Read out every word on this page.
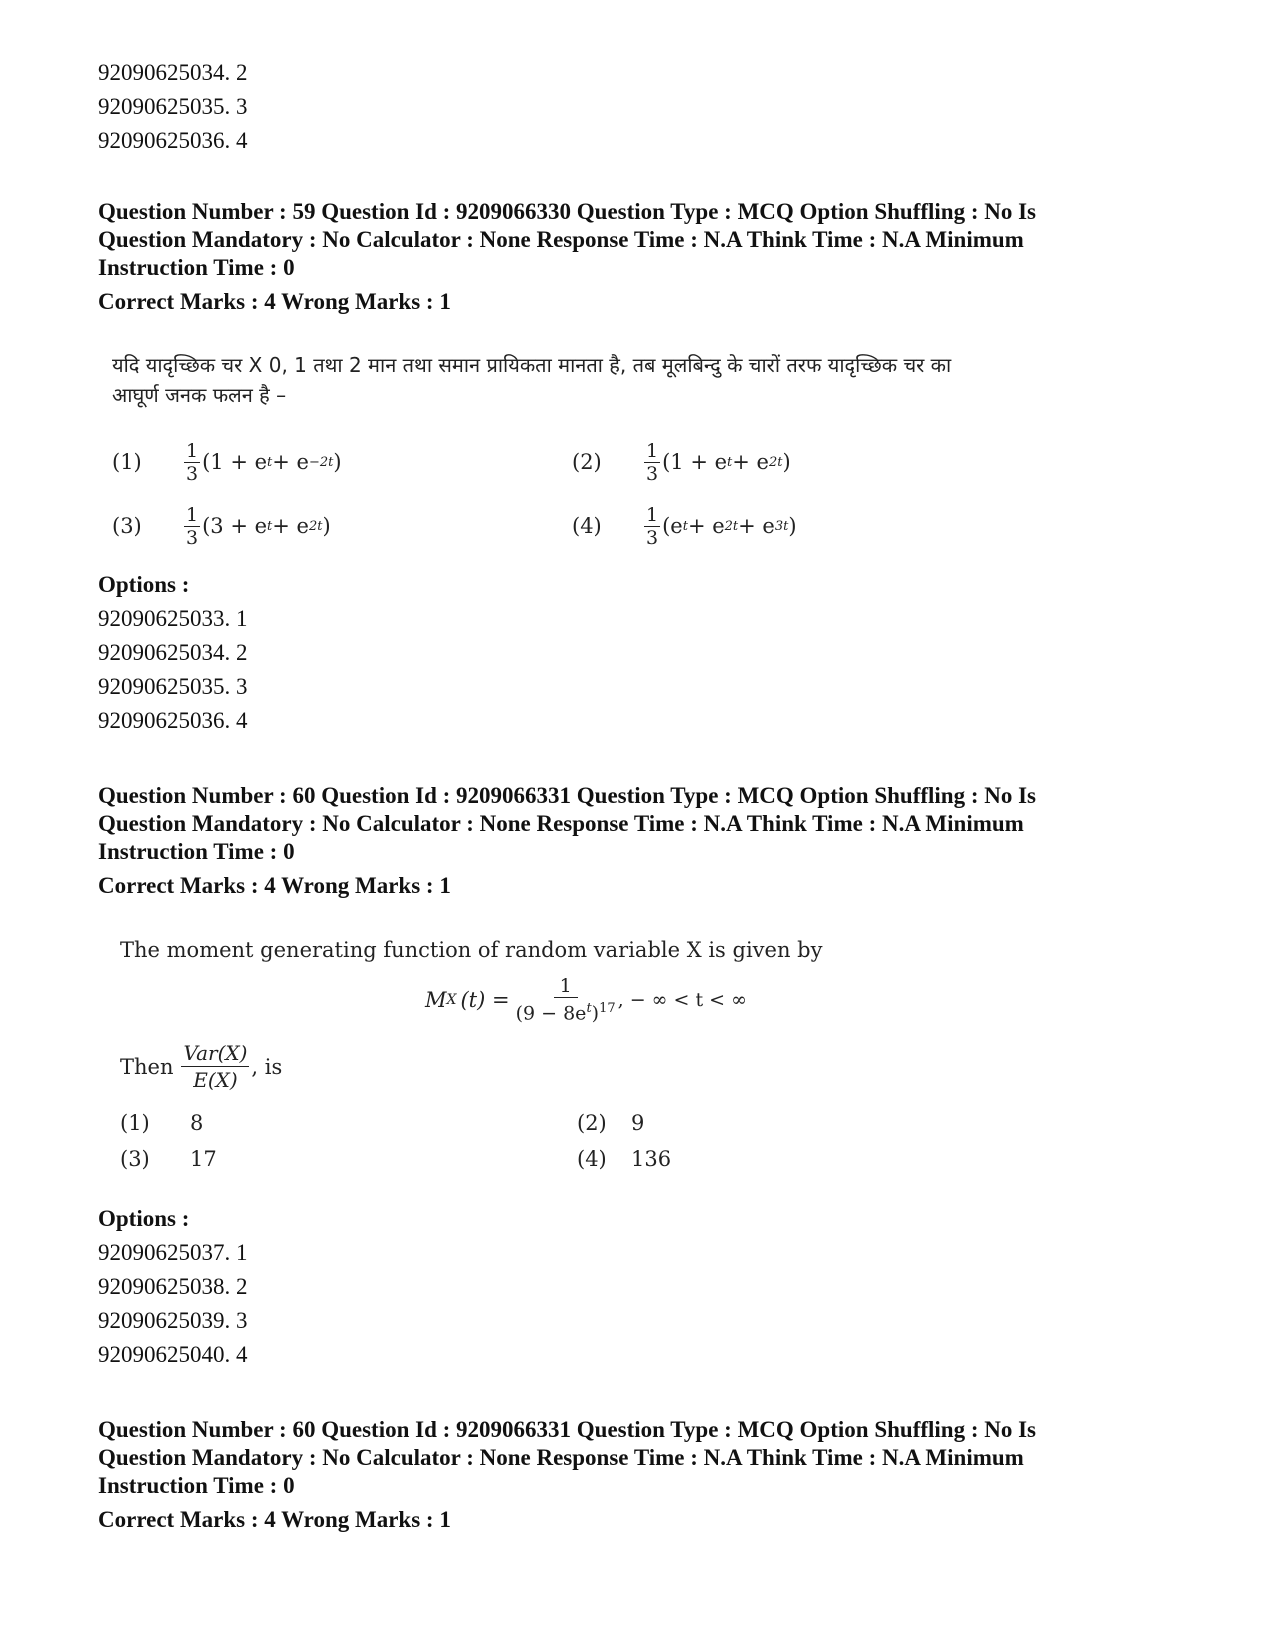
92090625034. 2
92090625035. 3
92090625036. 4
Question Number : 59 Question Id : 9209066330 Question Type : MCQ Option Shuffling : No Is
Question Mandatory : No Calculator : None Response Time : N.A Think Time : N.A Minimum
Instruction Time : 0
Correct Marks : 4 Wrong Marks : 1
यदि यादृच्छिक चर X 0, 1 तथा 2 मान तथा समान प्रायिकता मानता है, तब मूलबिन्दु के चारों तरफ यादृच्छिक चर का
आघूर्ण जनक फलन है –
(1)	$\frac{1}{3} (1 + e$ t + e −2t )	(2)	$\frac{1}{3} (1 + e$ t + e 2t )
(3)	$\frac{1}{3} (3 + e$ t + e 2t )	(4)	$\frac{1}{3} (e$ t + e 2t + e 3t )
Options :
92090625033. 1
92090625034. 2
92090625035. 3
92090625036. 4
Question Number : 60 Question Id : 9209066331 Question Type : MCQ Option Shuffling : No Is
Question Mandatory : No Calculator : None Response Time : N.A Think Time : N.A Minimum
Instruction Time : 0
Correct Marks : 4 Wrong Marks : 1
The moment generating function of random variable X is given by
M X $(t) = \frac{1}{(9 - 8e^t)^{17}}$ , − ∞ < t < ∞
Then $\frac{\text{Var(X)}}{E(X)}$ , is
(1)	8	(2)	9
(3)	17	(4)	136
Options :
92090625037. 1
92090625038. 2
92090625039. 3
92090625040. 4
Question Number : 60 Question Id : 9209066331 Question Type : MCQ Option Shuffling : No Is
Question Mandatory : No Calculator : None Response Time : N.A Think Time : N.A Minimum
Instruction Time : 0
Correct Marks : 4 Wrong Marks : 1
